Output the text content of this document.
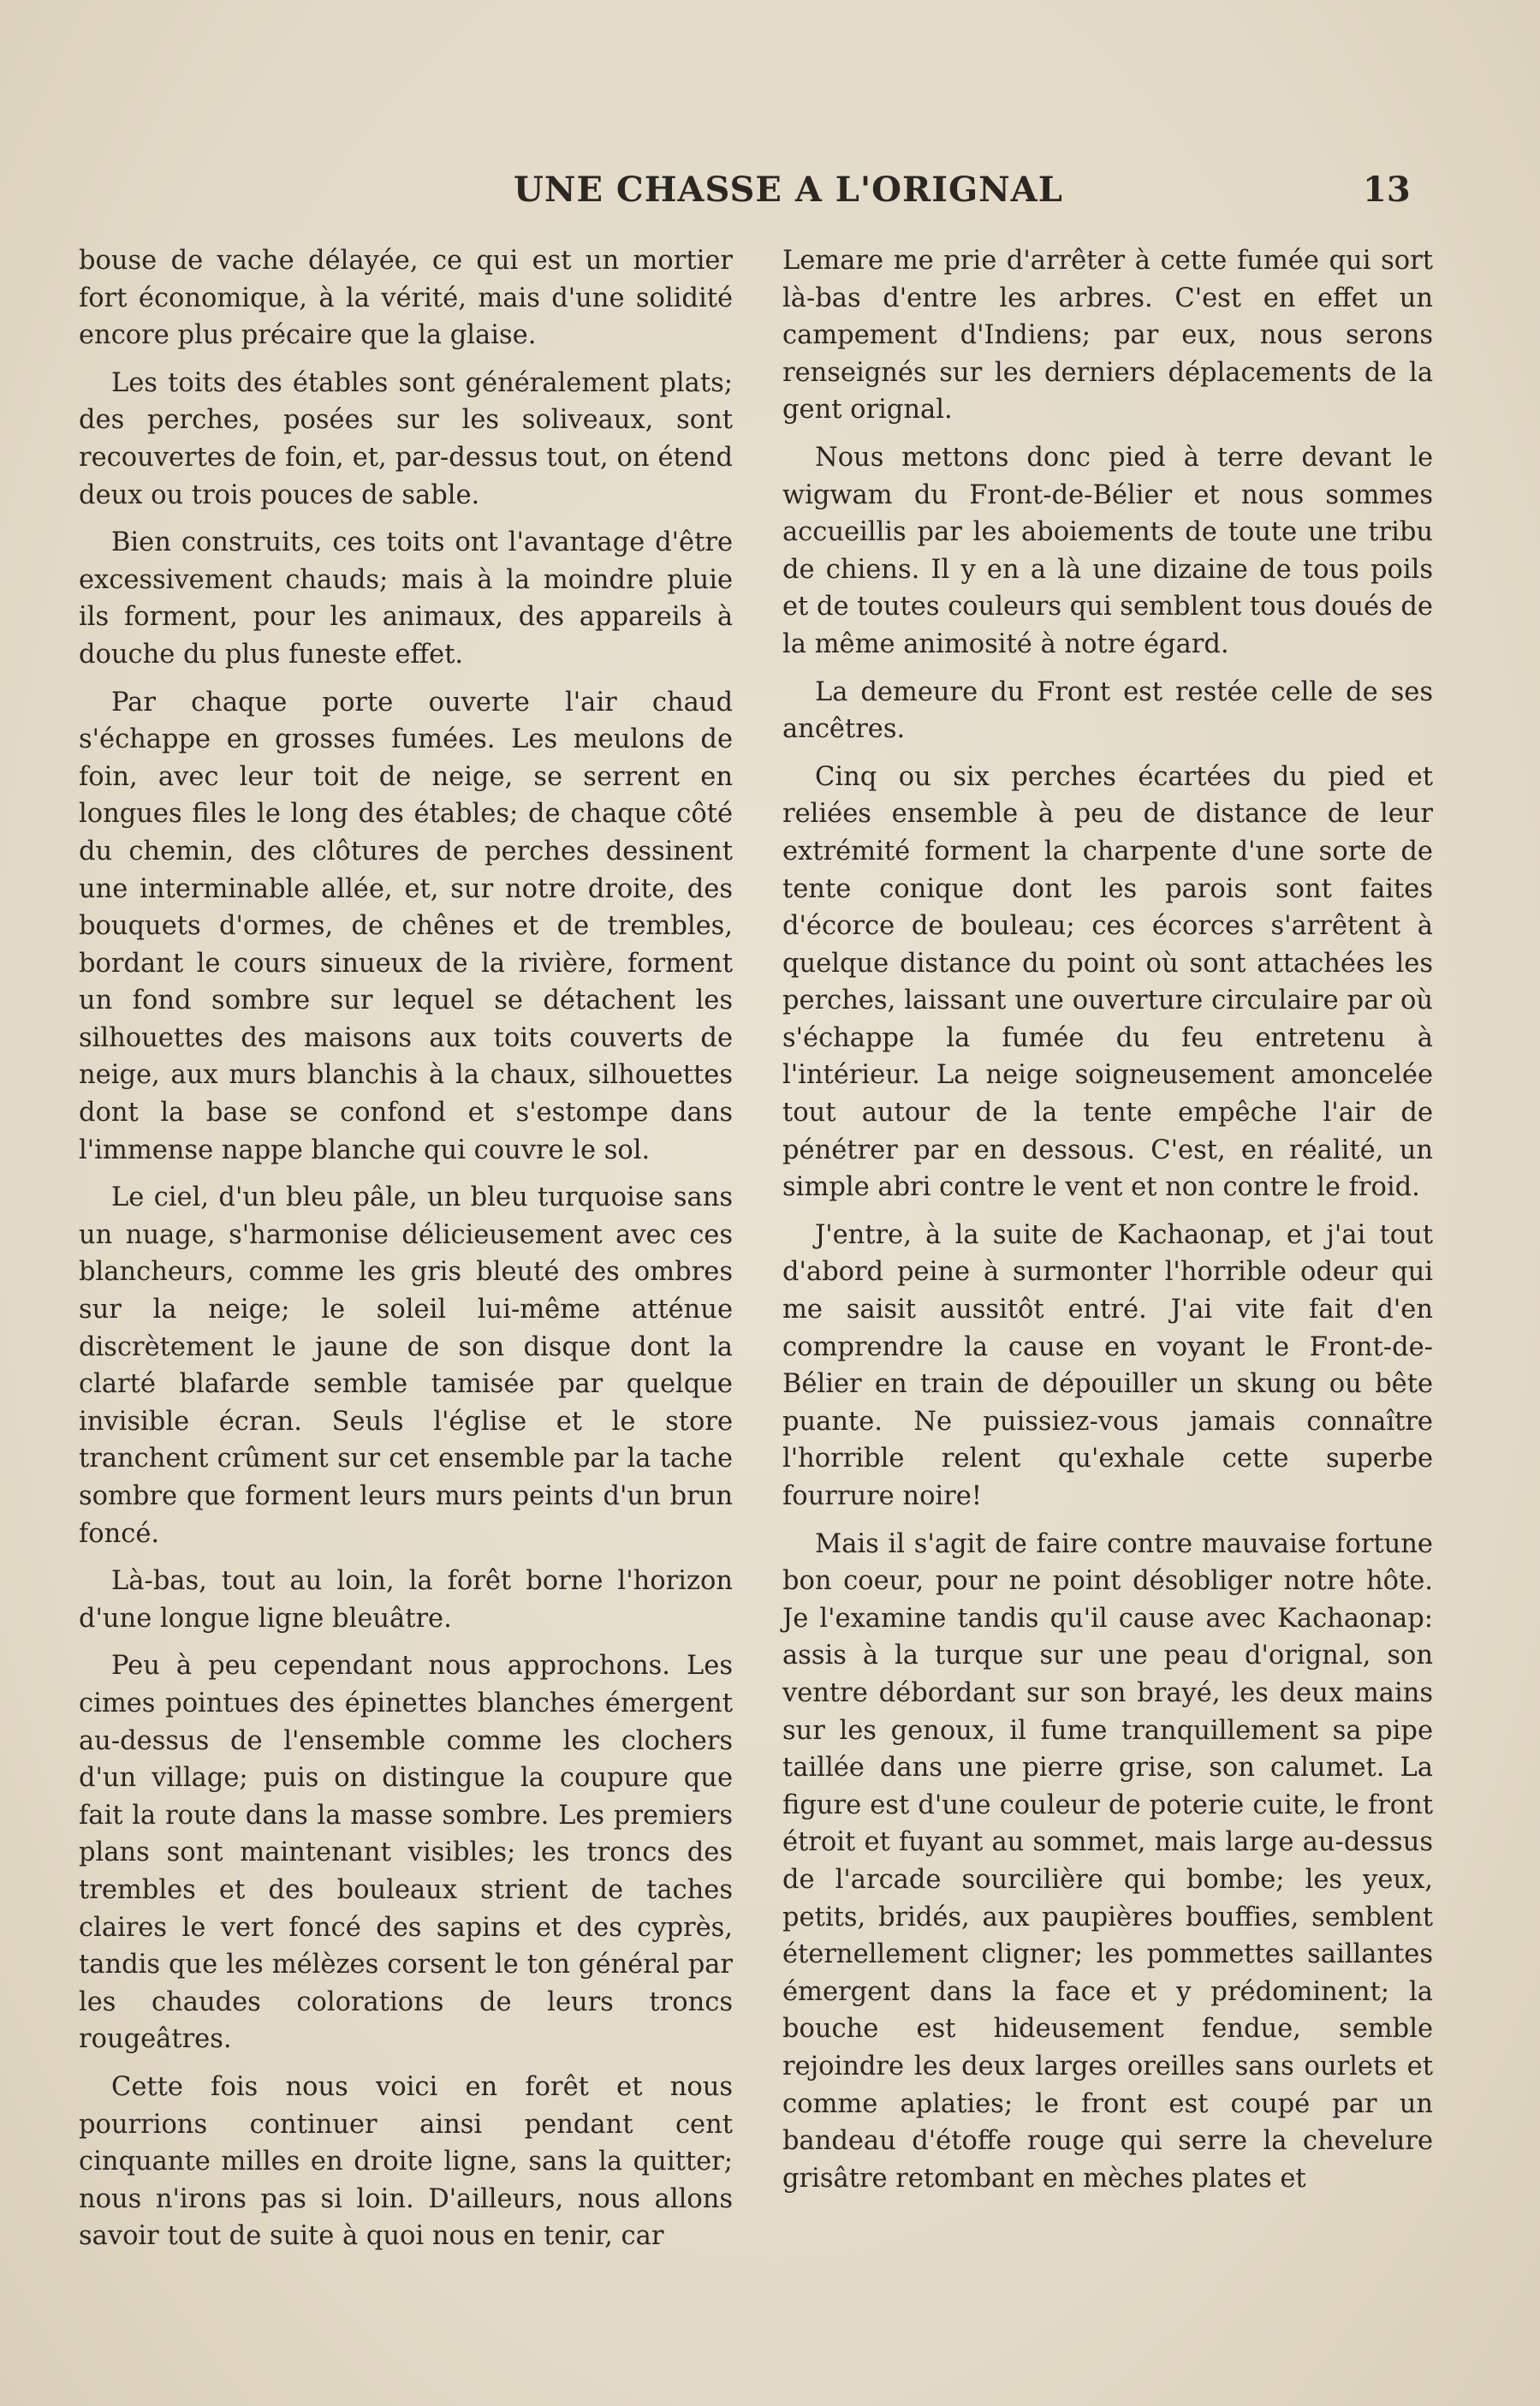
UNE CHASSE A L'ORIGNAL	13

bouse de vache délayée, ce qui est un mortier fort économique, à la vérité, mais d'une solidité encore plus précaire que la glaise.

Les toits des étables sont généralement plats; des perches, posées sur les soliveaux, sont recouvertes de foin, et, par-dessus tout, on étend deux ou trois pouces de sable.

Bien construits, ces toits ont l'avantage d'être excessivement chauds; mais à la moindre pluie ils forment, pour les animaux, des appareils à douche du plus funeste effet.

Par chaque porte ouverte l'air chaud s'échappe en grosses fumées. Les meulons de foin, avec leur toit de neige, se serrent en longues files le long des étables; de chaque côté du chemin, des clôtures de perches dessinent une interminable allée, et, sur notre droite, des bouquets d'ormes, de chênes et de trembles, bordant le cours sinueux de la rivière, forment un fond sombre sur lequel se détachent les silhouettes des maisons aux toits couverts de neige, aux murs blanchis à la chaux, silhouettes dont la base se confond et s'estompe dans l'immense nappe blanche qui couvre le sol.

Le ciel, d'un bleu pâle, un bleu turquoise sans un nuage, s'harmonise délicieusement avec ces blancheurs, comme les gris bleuté des ombres sur la neige; le soleil lui-même atténue discrètement le jaune de son disque dont la clarté blafarde semble tamisée par quelque invisible écran. Seuls l'église et le store tranchent crûment sur cet ensemble par la tache sombre que forment leurs murs peints d'un brun foncé.

Là-bas, tout au loin, la forêt borne l'horizon d'une longue ligne bleuâtre.

Peu à peu cependant nous approchons. Les cimes pointues des épinettes blanches émergent au-dessus de l'ensemble comme les clochers d'un village; puis on distingue la coupure que fait la route dans la masse sombre. Les premiers plans sont maintenant visibles; les troncs des trembles et des bouleaux strient de taches claires le vert foncé des sapins et des cyprès, tandis que les mélèzes corsent le ton général par les chaudes colorations de leurs troncs rougeâtres.

Cette fois nous voici en forêt et nous pourrions continuer ainsi pendant cent cinquante milles en droite ligne, sans la quitter; nous n'irons pas si loin. D'ailleurs, nous allons savoir tout de suite à quoi nous en tenir, car

Lemare me prie d'arrêter à cette fumée qui sort là-bas d'entre les arbres. C'est en effet un campement d'Indiens; par eux, nous serons renseignés sur les derniers déplacements de la gent orignal.

Nous mettons donc pied à terre devant le wigwam du Front-de-Bélier et nous sommes accueillis par les aboiements de toute une tribu de chiens. Il y en a là une dizaine de tous poils et de toutes couleurs qui semblent tous doués de la même animosité à notre égard.

La demeure du Front est restée celle de ses ancêtres.

Cinq ou six perches écartées du pied et reliées ensemble à peu de distance de leur extrémité forment la charpente d'une sorte de tente conique dont les parois sont faites d'écorce de bouleau; ces écorces s'arrêtent à quelque distance du point où sont attachées les perches, laissant une ouverture circulaire par où s'échappe la fumée du feu entretenu à l'intérieur. La neige soigneusement amoncelée tout autour de la tente empêche l'air de pénétrer par en dessous. C'est, en réalité, un simple abri contre le vent et non contre le froid.

J'entre, à la suite de Kachaonap, et j'ai tout d'abord peine à surmonter l'horrible odeur qui me saisit aussitôt entré. J'ai vite fait d'en comprendre la cause en voyant le Front-de-Bélier en train de dépouiller un skung ou bête puante. Ne puissiez-vous jamais connaître l'horrible relent qu'exhale cette superbe fourrure noire!

Mais il s'agit de faire contre mauvaise fortune bon coeur, pour ne point désobliger notre hôte. Je l'examine tandis qu'il cause avec Kachaonap: assis à la turque sur une peau d'orignal, son ventre débordant sur son brayé, les deux mains sur les genoux, il fume tranquillement sa pipe taillée dans une pierre grise, son calumet. La figure est d'une couleur de poterie cuite, le front étroit et fuyant au sommet, mais large au-dessus de l'arcade sourcilière qui bombe; les yeux, petits, bridés, aux paupières bouffies, semblent éternellement cligner; les pommettes saillantes émergent dans la face et y prédominent; la bouche est hideusement fendue, semble rejoindre les deux larges oreilles sans ourlets et comme aplaties; le front est coupé par un bandeau d'étoffe rouge qui serre la chevelure grisâtre retombant en mèches plates et
